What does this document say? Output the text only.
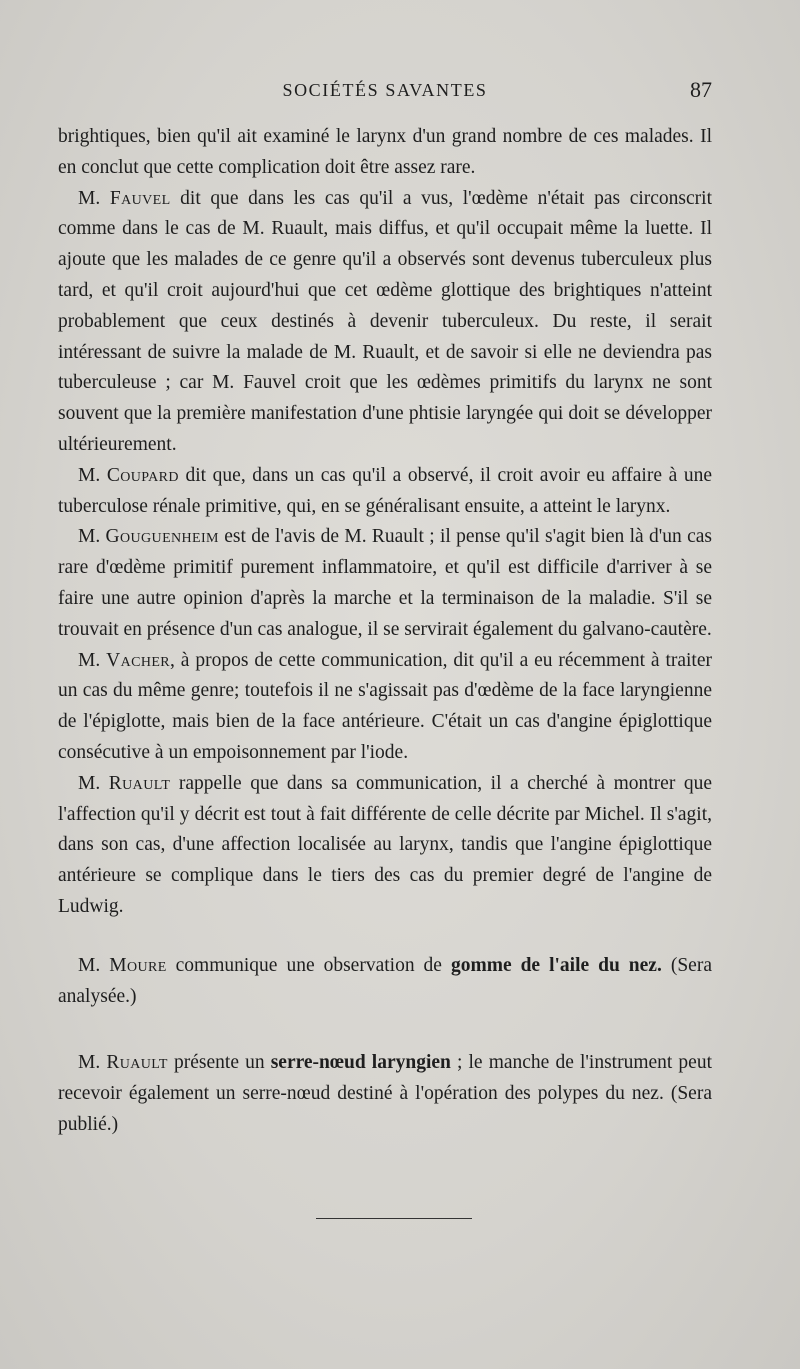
SOCIÉTÉS SAVANTES	87

brightiques, bien qu'il ait examiné le larynx d'un grand nombre de ces malades. Il en conclut que cette complication doit être assez rare.

M. Fauvel dit que dans les cas qu'il a vus, l'œdème n'était pas circonscrit comme dans le cas de M. Ruault, mais diffus, et qu'il occupait même la luette. Il ajoute que les malades de ce genre qu'il a observés sont devenus tuberculeux plus tard, et qu'il croit aujourd'hui que cet œdème glottique des brightiques n'atteint probablement que ceux destinés à devenir tuberculeux. Du reste, il serait intéressant de suivre la malade de M. Ruault, et de savoir si elle ne deviendra pas tuberculeuse ; car M. Fauvel croit que les œdèmes primitifs du larynx ne sont souvent que la première manifestation d'une phtisie laryngée qui doit se développer ultérieurement.

M. Coupard dit que, dans un cas qu'il a observé, il croit avoir eu affaire à une tuberculose rénale primitive, qui, en se généralisant ensuite, a atteint le larynx.

M. Gouguenheim est de l'avis de M. Ruault ; il pense qu'il s'agit bien là d'un cas rare d'œdème primitif purement inflammatoire, et qu'il est difficile d'arriver à se faire une autre opinion d'après la marche et la terminaison de la maladie. S'il se trouvait en présence d'un cas analogue, il se servirait également du galvano-cautère.

M. Vacher, à propos de cette communication, dit qu'il a eu récemment à traiter un cas du même genre; toutefois il ne s'agissait pas d'œdème de la face laryngienne de l'épiglotte, mais bien de la face antérieure. C'était un cas d'angine épiglottique consécutive à un empoisonnement par l'iode.

M. Ruault rappelle que dans sa communication, il a cherché à montrer que l'affection qu'il y décrit est tout à fait différente de celle décrite par Michel. Il s'agit, dans son cas, d'une affection localisée au larynx, tandis que l'angine épiglottique antérieure se complique dans le tiers des cas du premier degré de l'angine de Ludwig.

M. Moure communique une observation de gomme de l'aile du nez. (Sera analysée.)

M. Ruault présente un serre-nœud laryngien ; le manche de l'instrument peut recevoir également un serre-nœud destiné à l'opération des polypes du nez. (Sera publié.)
